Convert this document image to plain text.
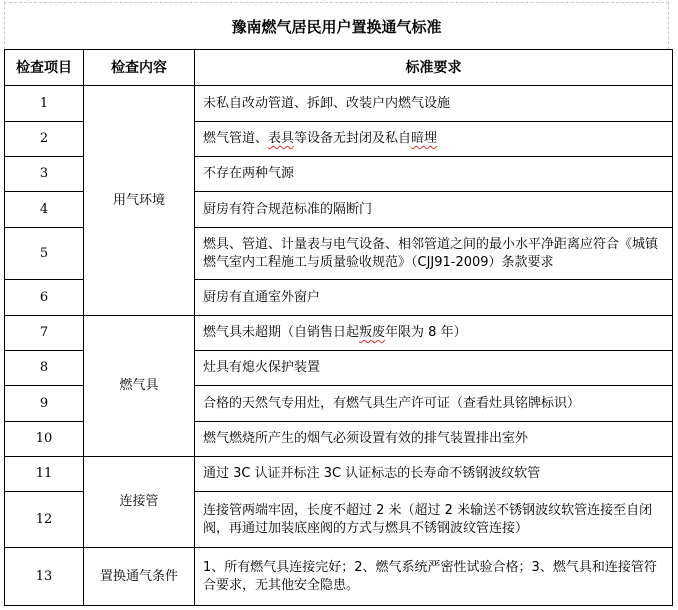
豫南燃气居民用户置换通气标准
检查项目	检查内容	标准要求
1	用气环境	未私自改动管道、拆卸、改装户内燃气设施
2		燃气管道、表具等设备无封闭及私自暗埋
3		不存在两种气源
4		厨房有符合规范标准的隔断门
5		燃具、管道、计量表与电气设备、相邻管道之间的最小水平净距离应符合《城镇燃气室内工程施工与质量验收规范》（CJJ91-2009）条款要求
6		厨房有直通室外窗户
7	燃气具	燃气具未超期（自销售日起叛废年限为 8 年）
8		灶具有熄火保护装置
9		合格的天然气专用灶，有燃气具生产许可证（查看灶具铭牌标识）
10		燃气燃烧所产生的烟气必须设置有效的排气装置排出室外
11	连接管	通过 3C 认证并标注 3C 认证标志的长寿命不锈钢波纹软管
12		连接管两端牢固，长度不超过 2 米（超过 2 米输送不锈钢波纹软管连接至自闭阀，再通过加装底座阀的方式与燃具不锈钢波纹管连接）
13	置换通气条件	1、所有燃气具连接完好；2、燃气系统严密性试验合格；3、燃气具和连接管符合要求，无其他安全隐患。
